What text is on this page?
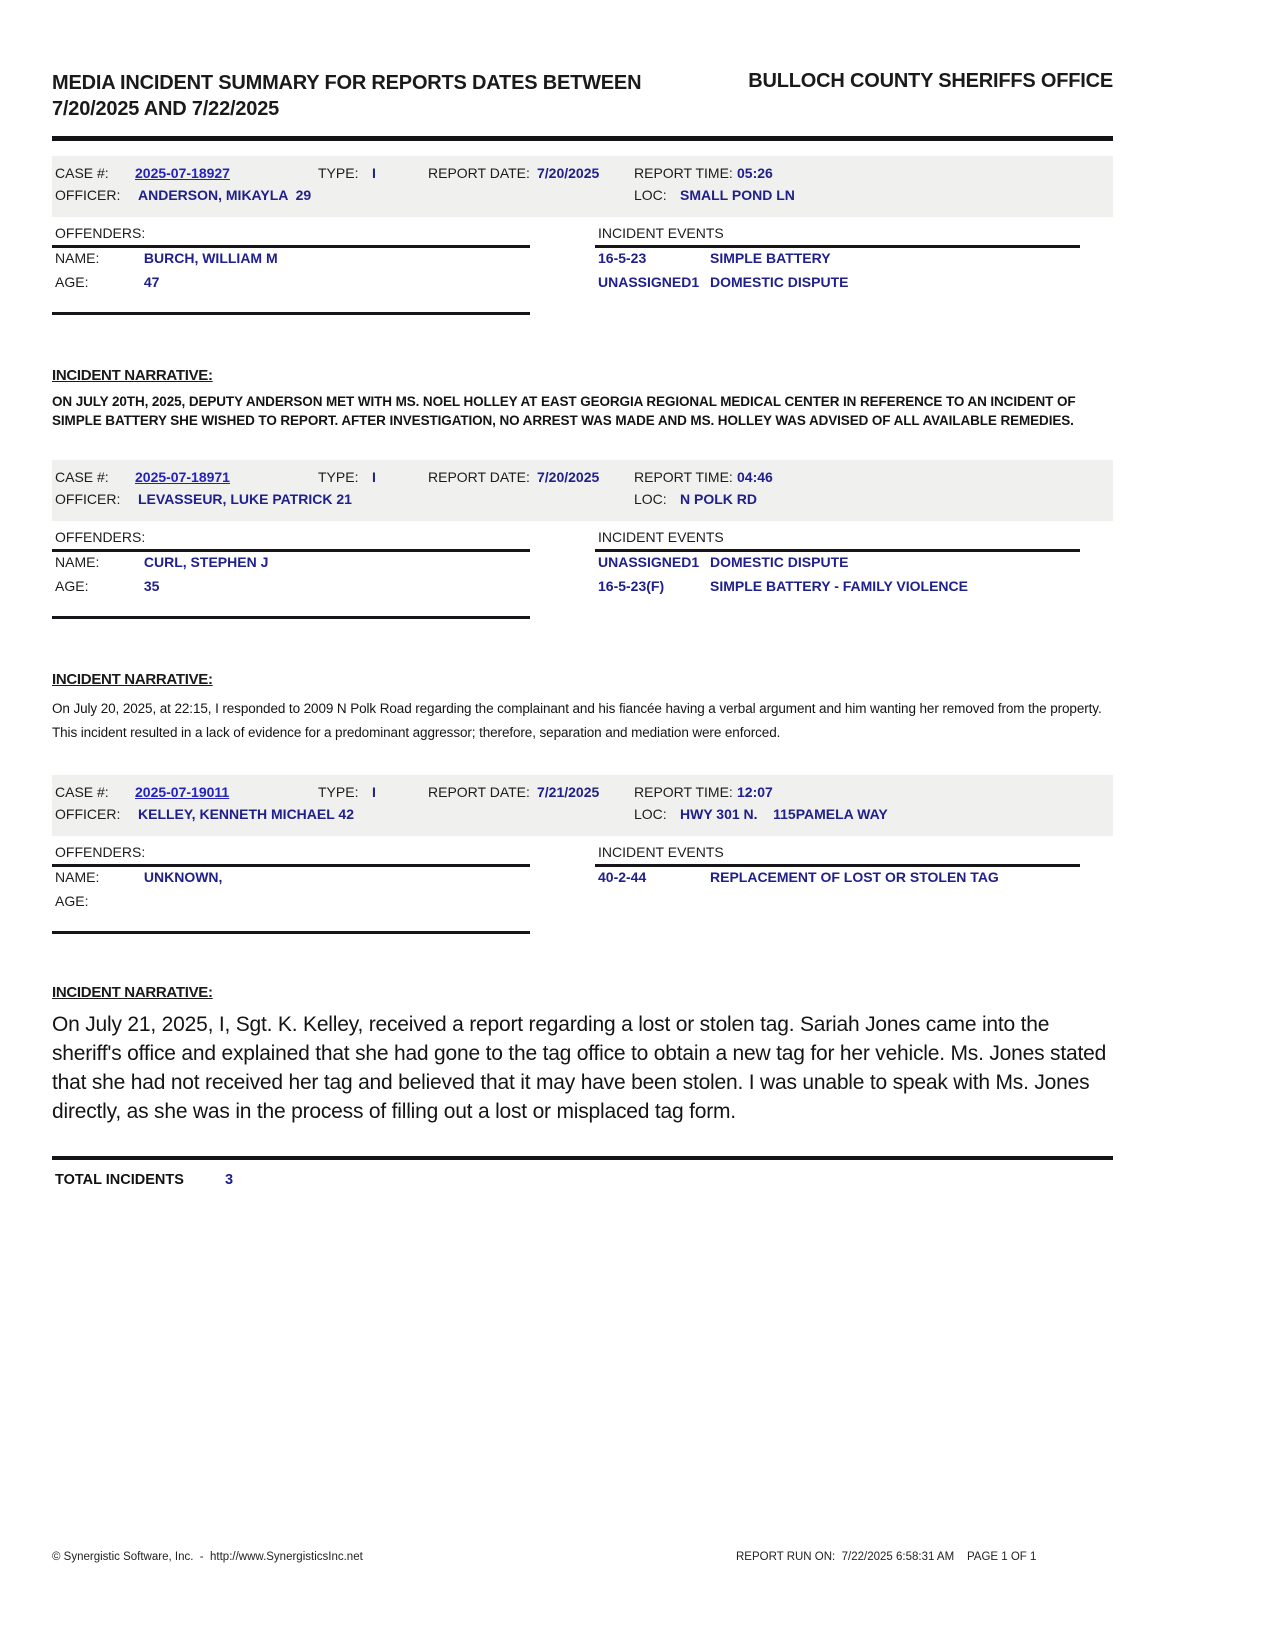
MEDIA INCIDENT SUMMARY FOR REPORTS DATES BETWEEN 7/20/2025 AND 7/22/2025
BULLOCH COUNTY SHERIFFS OFFICE
CASE #: 2025-07-18927	TYPE: I	REPORT DATE: 7/20/2025 REPORT TIME: 05:26
OFFICER: ANDERSON, MIKAYLA  29	LOC: SMALL POND LN
OFFENDERS:
NAME:	BURCH, WILLIAM M
AGE:	47
INCIDENT EVENTS
16-5-23	SIMPLE BATTERY
UNASSIGNED1 DOMESTIC DISPUTE
INCIDENT NARRATIVE:

ON JULY 20TH, 2025, DEPUTY ANDERSON MET WITH MS. NOEL HOLLEY AT EAST GEORGIA REGIONAL MEDICAL CENTER IN REFERENCE TO AN INCIDENT OF SIMPLE BATTERY SHE WISHED TO REPORT. AFTER INVESTIGATION, NO ARREST WAS MADE AND MS. HOLLEY WAS ADVISED OF ALL AVAILABLE REMEDIES.

CASE #: 2025-07-18971	TYPE: I	REPORT DATE: 7/20/2025 REPORT TIME: 04:46
OFFICER: LEVASSEUR, LUKE PATRICK 21	LOC: N POLK RD
OFFENDERS:
NAME:	CURL, STEPHEN J
AGE:	35
INCIDENT EVENTS
UNASSIGNED1 DOMESTIC DISPUTE
16-5-23(F)	SIMPLE BATTERY - FAMILY VIOLENCE
INCIDENT NARRATIVE:

On July 20, 2025, at 22:15, I responded to 2009 N Polk Road regarding the complainant and his fiancée having a verbal argument and him wanting her removed from the property. This incident resulted in a lack of evidence for a predominant aggressor; therefore, separation and mediation were enforced.

CASE #: 2025-07-19011	TYPE: I	REPORT DATE: 7/21/2025 REPORT TIME: 12:07
OFFICER: KELLEY, KENNETH MICHAEL 42	LOC: HWY 301 N.    115PAMELA WAY
OFFENDERS:
NAME:	UNKNOWN,
AGE:
INCIDENT EVENTS
40-2-44	REPLACEMENT OF LOST OR STOLEN TAG
INCIDENT NARRATIVE:

On July 21, 2025, I, Sgt. K. Kelley, received a report regarding a lost or stolen tag. Sariah Jones came into the sheriff's office and explained that she had gone to the tag office to obtain a new tag for her vehicle. Ms. Jones stated that she had not received her tag and believed that it may have been stolen. I was unable to speak with Ms. Jones directly, as she was in the process of filling out a lost or misplaced tag form.

TOTAL INCIDENTS	3
© Synergistic Software, Inc.  -  http://www.SynergisticsInc.net	REPORT RUN ON:  7/22/2025 6:58:31 AM    PAGE 1 OF 1
